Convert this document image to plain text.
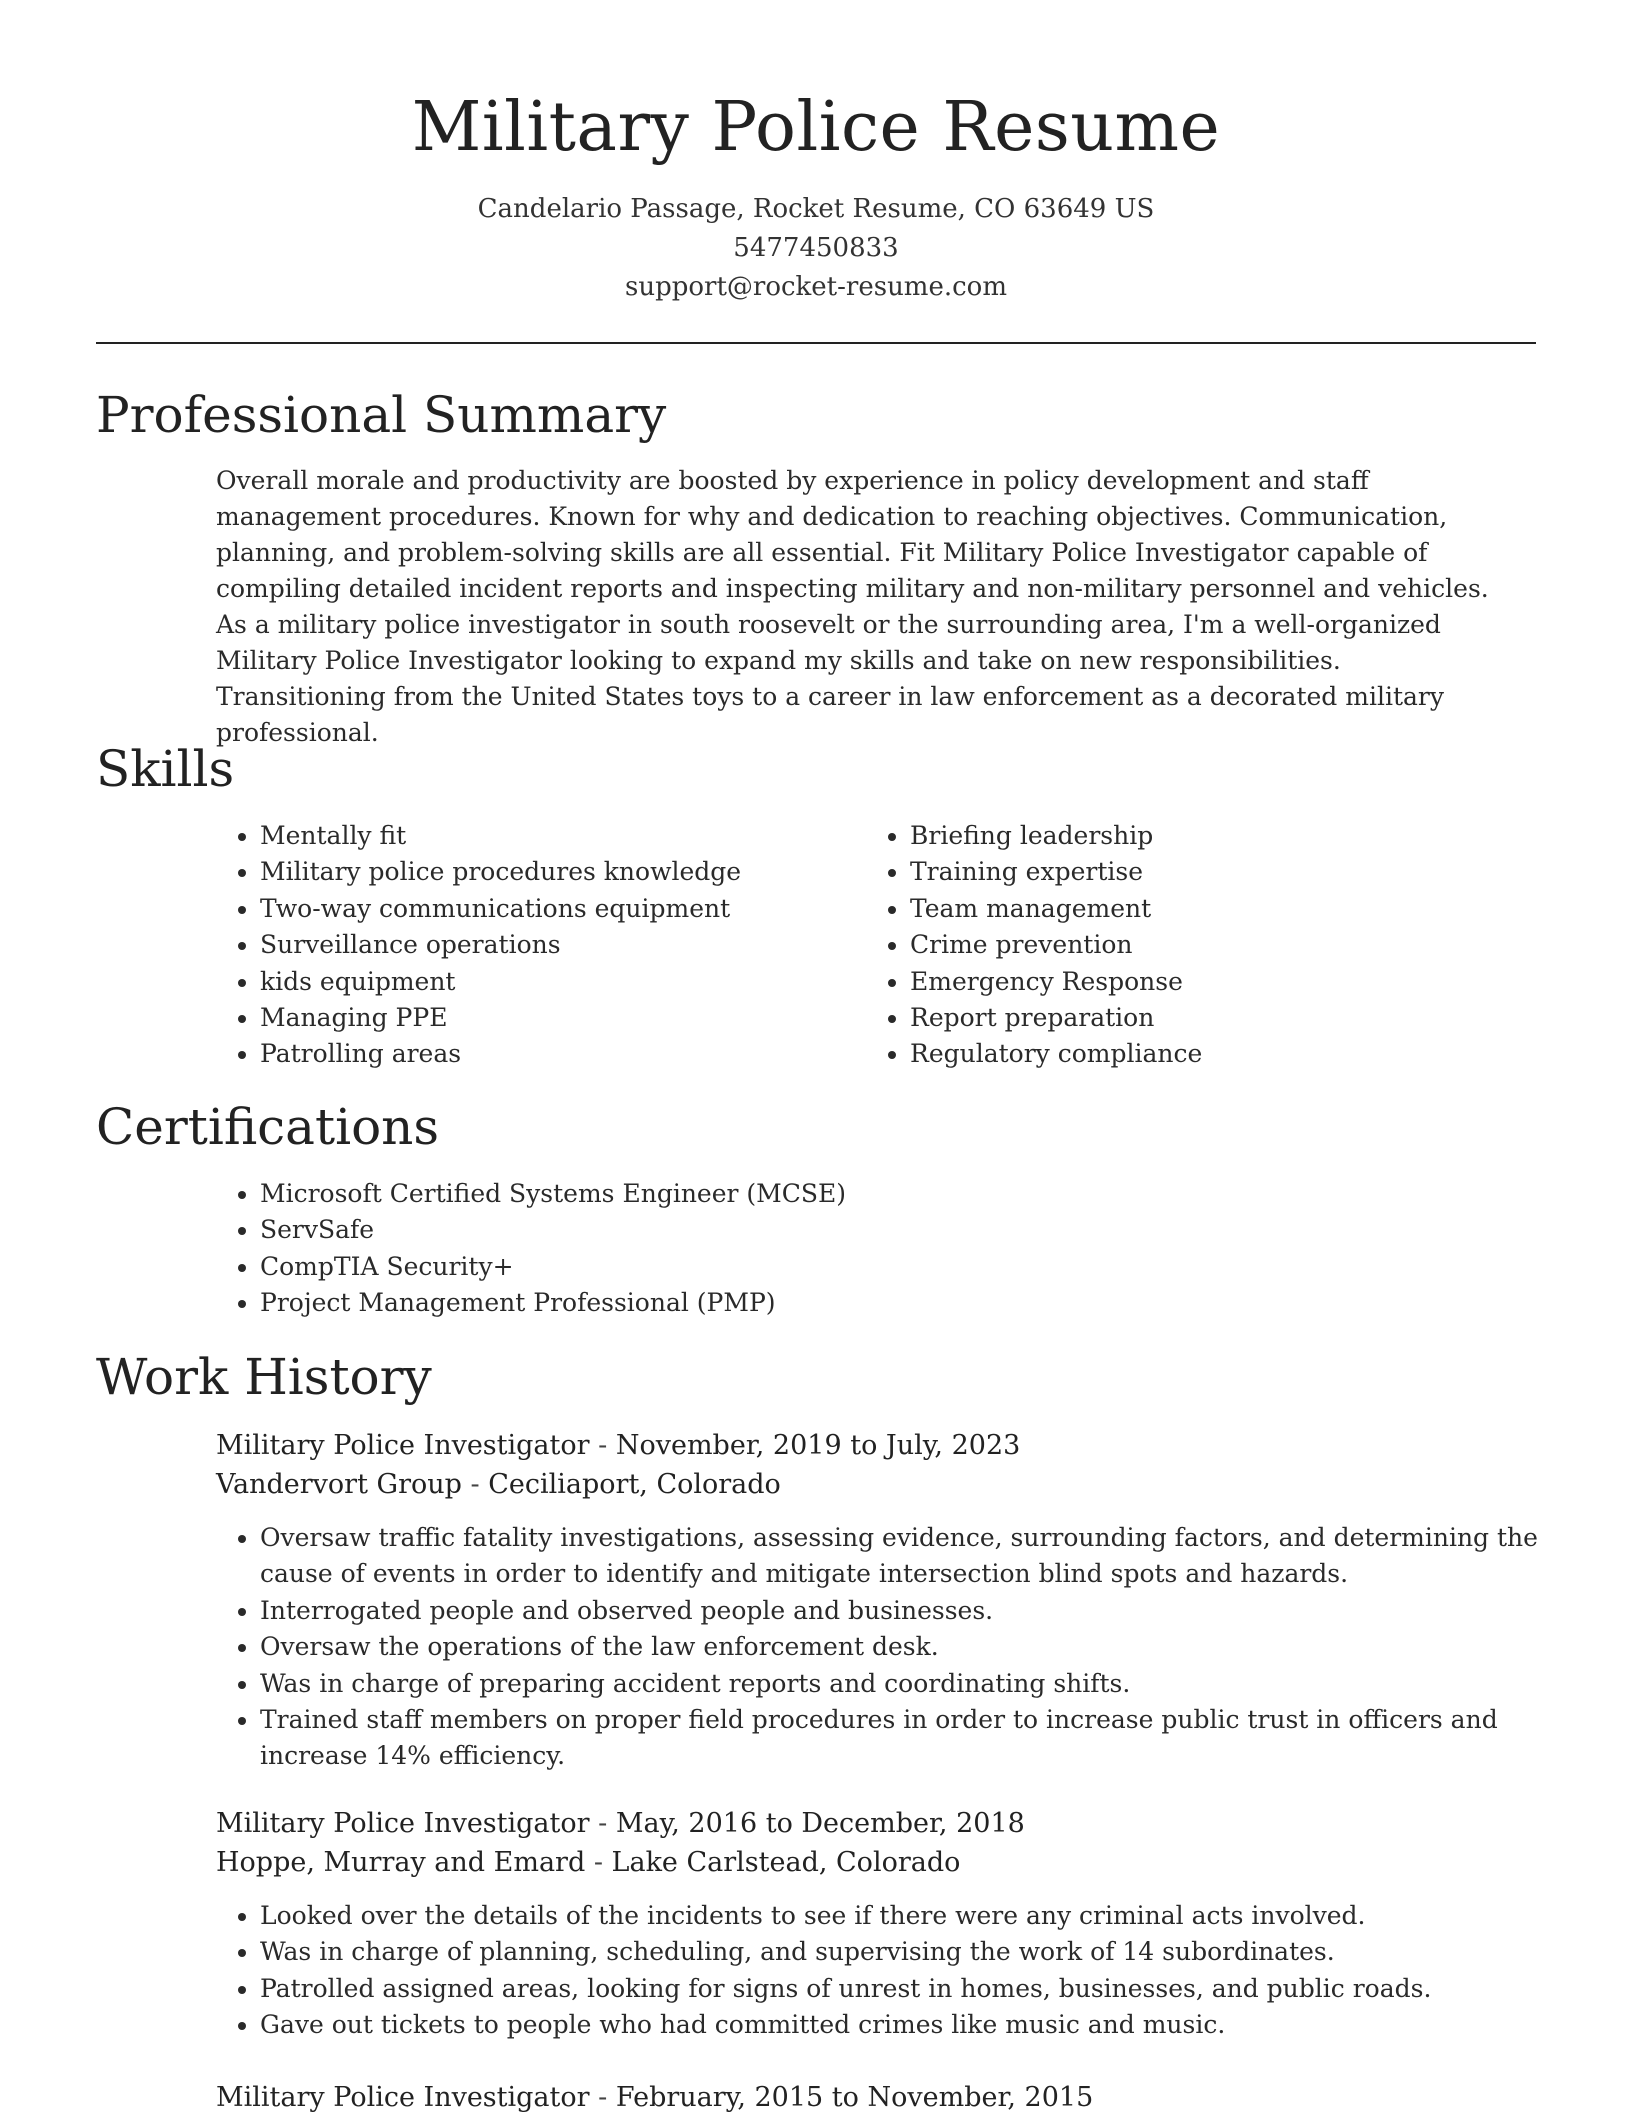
Military Police Resume
Candelario Passage, Rocket Resume, CO 63649 US
5477450833
support@rocket-resume.com
Professional Summary

Overall morale and productivity are boosted by experience in policy development and staff management procedures. Known for why and dedication to reaching objectives. Communication, planning, and problem-solving skills are all essential. Fit Military Police Investigator capable of compiling detailed incident reports and inspecting military and non-military personnel and vehicles. As a military police investigator in south roosevelt or the surrounding area, I'm a well-organized Military Police Investigator looking to expand my skills and take on new responsibilities. Transitioning from the United States toys to a career in law enforcement as a decorated military professional.

Skills
• Mentally fit
• Military police procedures knowledge
• Two-way communications equipment
• Surveillance operations
• kids equipment
• Managing PPE
• Patrolling areas
• Briefing leadership
• Training expertise
• Team management
• Crime prevention
• Emergency Response
• Report preparation
• Regulatory compliance
Certifications
• Microsoft Certified Systems Engineer (MCSE)
• ServSafe
• CompTIA Security+
• Project Management Professional (PMP)
Work History
Military Police Investigator - November, 2019 to July, 2023
Vandervort Group - Ceciliaport, Colorado
• Oversaw traffic fatality investigations, assessing evidence, surrounding factors, and determining the cause of events in order to identify and mitigate intersection blind spots and hazards.
• Interrogated people and observed people and businesses.
• Oversaw the operations of the law enforcement desk.
• Was in charge of preparing accident reports and coordinating shifts.
• Trained staff members on proper field procedures in order to increase public trust in officers and increase 14% efficiency.
Military Police Investigator - May, 2016 to December, 2018
Hoppe, Murray and Emard - Lake Carlstead, Colorado
• Looked over the details of the incidents to see if there were any criminal acts involved.
• Was in charge of planning, scheduling, and supervising the work of 14 subordinates.
• Patrolled assigned areas, looking for signs of unrest in homes, businesses, and public roads.
• Gave out tickets to people who had committed crimes like music and music.
Military Police Investigator - February, 2015 to November, 2015
